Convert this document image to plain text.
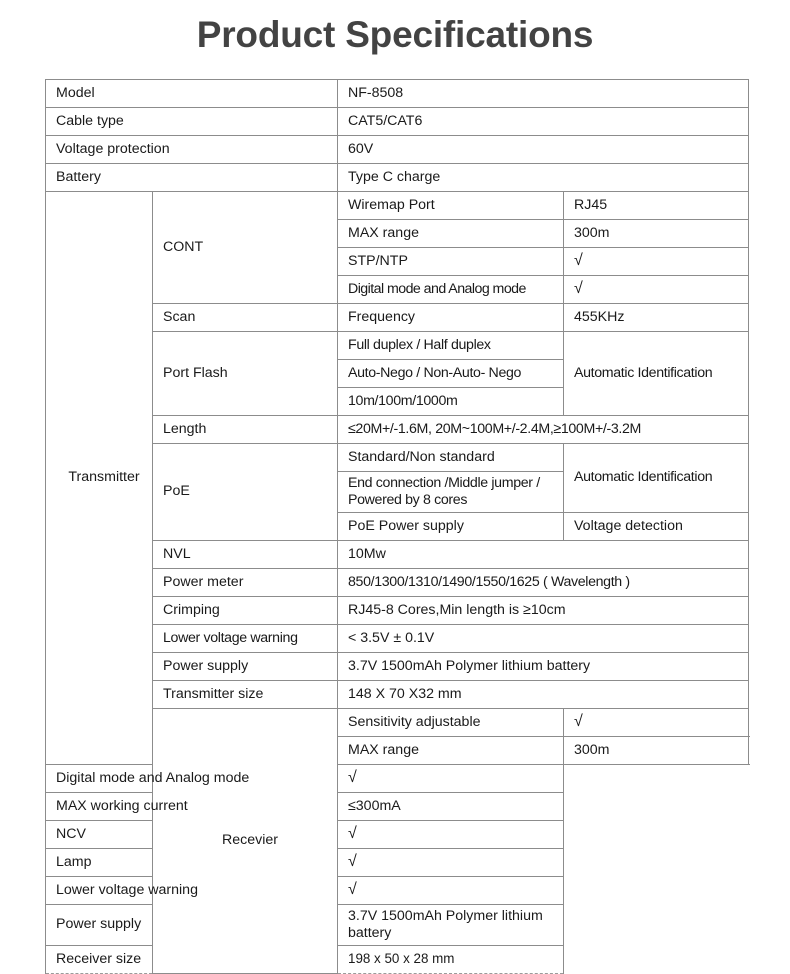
Product Specifications
Model		NF-8508	
Cable type		CAT5/CAT6	
Voltage protection		60V	
Battery		Type C charge	
Transmitter	CONT	Wiremap Port	RJ45
		MAX range	300m
		STP/NTP	√
		Digital mode and Analog mode	√
	Scan	Frequency	455KHz
	Port Flash	Full duplex / Half duplex	Automatic Identification
		Auto-Nego / Non-Auto- Nego	
		10m/100m/1000m	
	Length	≤20M+/-1.6M, 20M~100M+/-2.4M,≥100M+/-3.2M	
	PoE	Standard/Non standard	Automatic Identification
		End connection /Middle jumper / Powered by 8 cores	
		PoE Power supply	Voltage detection
	NVL	10Mw	
	Power meter	850/1300/1310/1490/1550/1625 ( Wavelength )	
	Crimping	RJ45-8 Cores,Min length is ≥10cm	
	Lower voltage warning	< 3.5V ± 0.1V	
	Power supply	3.7V 1500mAh Polymer lithium battery	
	Transmitter size	148 X 70 X32 mm	
	Recevier	Sensitivity adjustable	√
		MAX range	300m
Digital mode and Analog mode		√	
MAX working current		≤300mA	
NCV		√	
Lamp		√	
Lower voltage warning		√	
Power supply		3.7V 1500mAh Polymer lithium battery	
Receiver size		198 x 50 x 28 mm	
